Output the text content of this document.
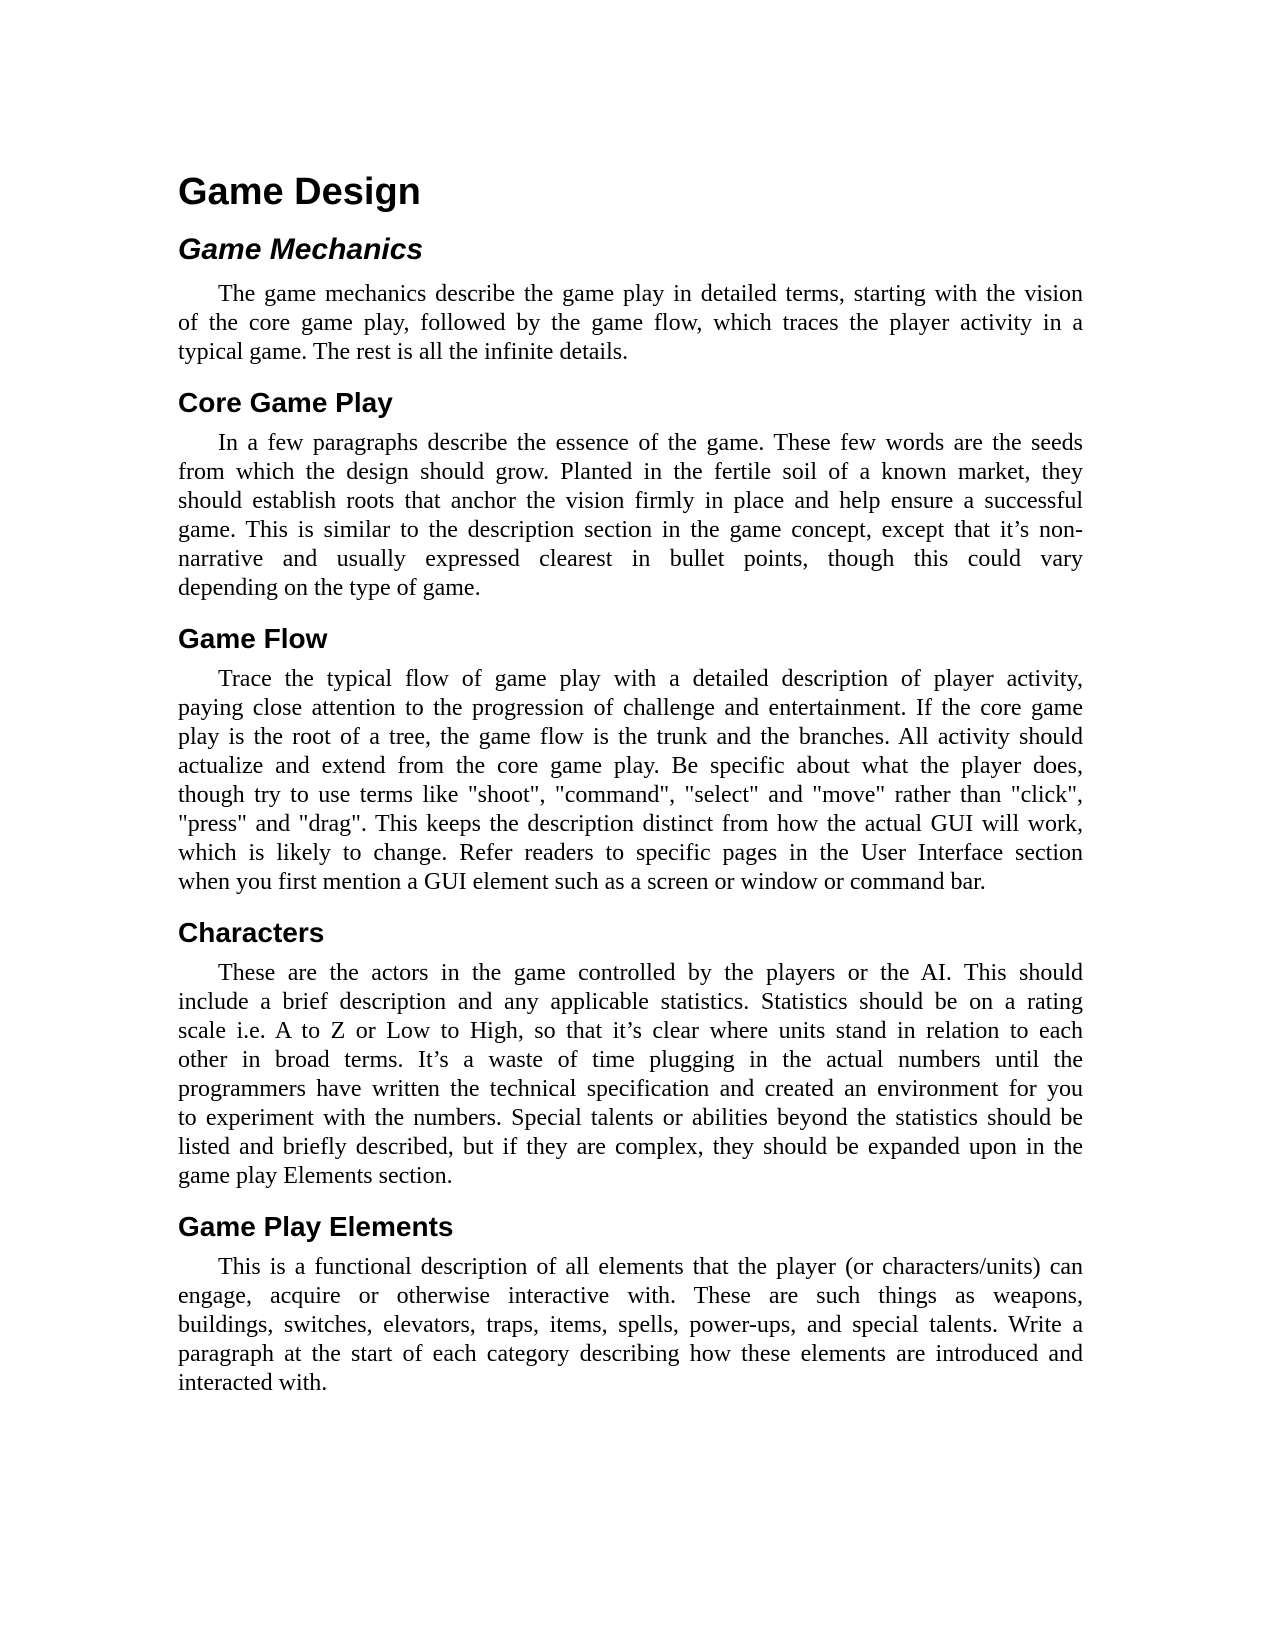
Game Design
Game Mechanics
The game mechanics describe the game play in detailed terms, starting with the vision
of the core game play, followed by the game flow, which traces the player activity in a
typical game. The rest is all the infinite details.
Core Game Play
In a few paragraphs describe the essence of the game. These few words are the seeds
from which the design should grow. Planted in the fertile soil of a known market, they
should establish roots that anchor the vision firmly in place and help ensure a successful
game. This is similar to the description section in the game concept, except that it’s non-
narrative and usually expressed clearest in bullet points, though this could vary
depending on the type of game.
Game Flow
Trace the typical flow of game play with a detailed description of player activity,
paying close attention to the progression of challenge and entertainment. If the core game
play is the root of a tree, the game flow is the trunk and the branches. All activity should
actualize and extend from the core game play. Be specific about what the player does,
though try to use terms like "shoot", "command", "select" and "move" rather than "click",
"press" and "drag". This keeps the description distinct from how the actual GUI will work,
which is likely to change. Refer readers to specific pages in the User Interface section
when you first mention a GUI element such as a screen or window or command bar.
Characters
These are the actors in the game controlled by the players or the AI. This should
include a brief description and any applicable statistics. Statistics should be on a rating
scale i.e. A to Z or Low to High, so that it’s clear where units stand in relation to each
other in broad terms. It’s a waste of time plugging in the actual numbers until the
programmers have written the technical specification and created an environment for you
to experiment with the numbers. Special talents or abilities beyond the statistics should be
listed and briefly described, but if they are complex, they should be expanded upon in the
game play Elements section.
Game Play Elements
This is a functional description of all elements that the player (or characters/units) can
engage, acquire or otherwise interactive with. These are such things as weapons,
buildings, switches, elevators, traps, items, spells, power-ups, and special talents. Write a
paragraph at the start of each category describing how these elements are introduced and
interacted with.
